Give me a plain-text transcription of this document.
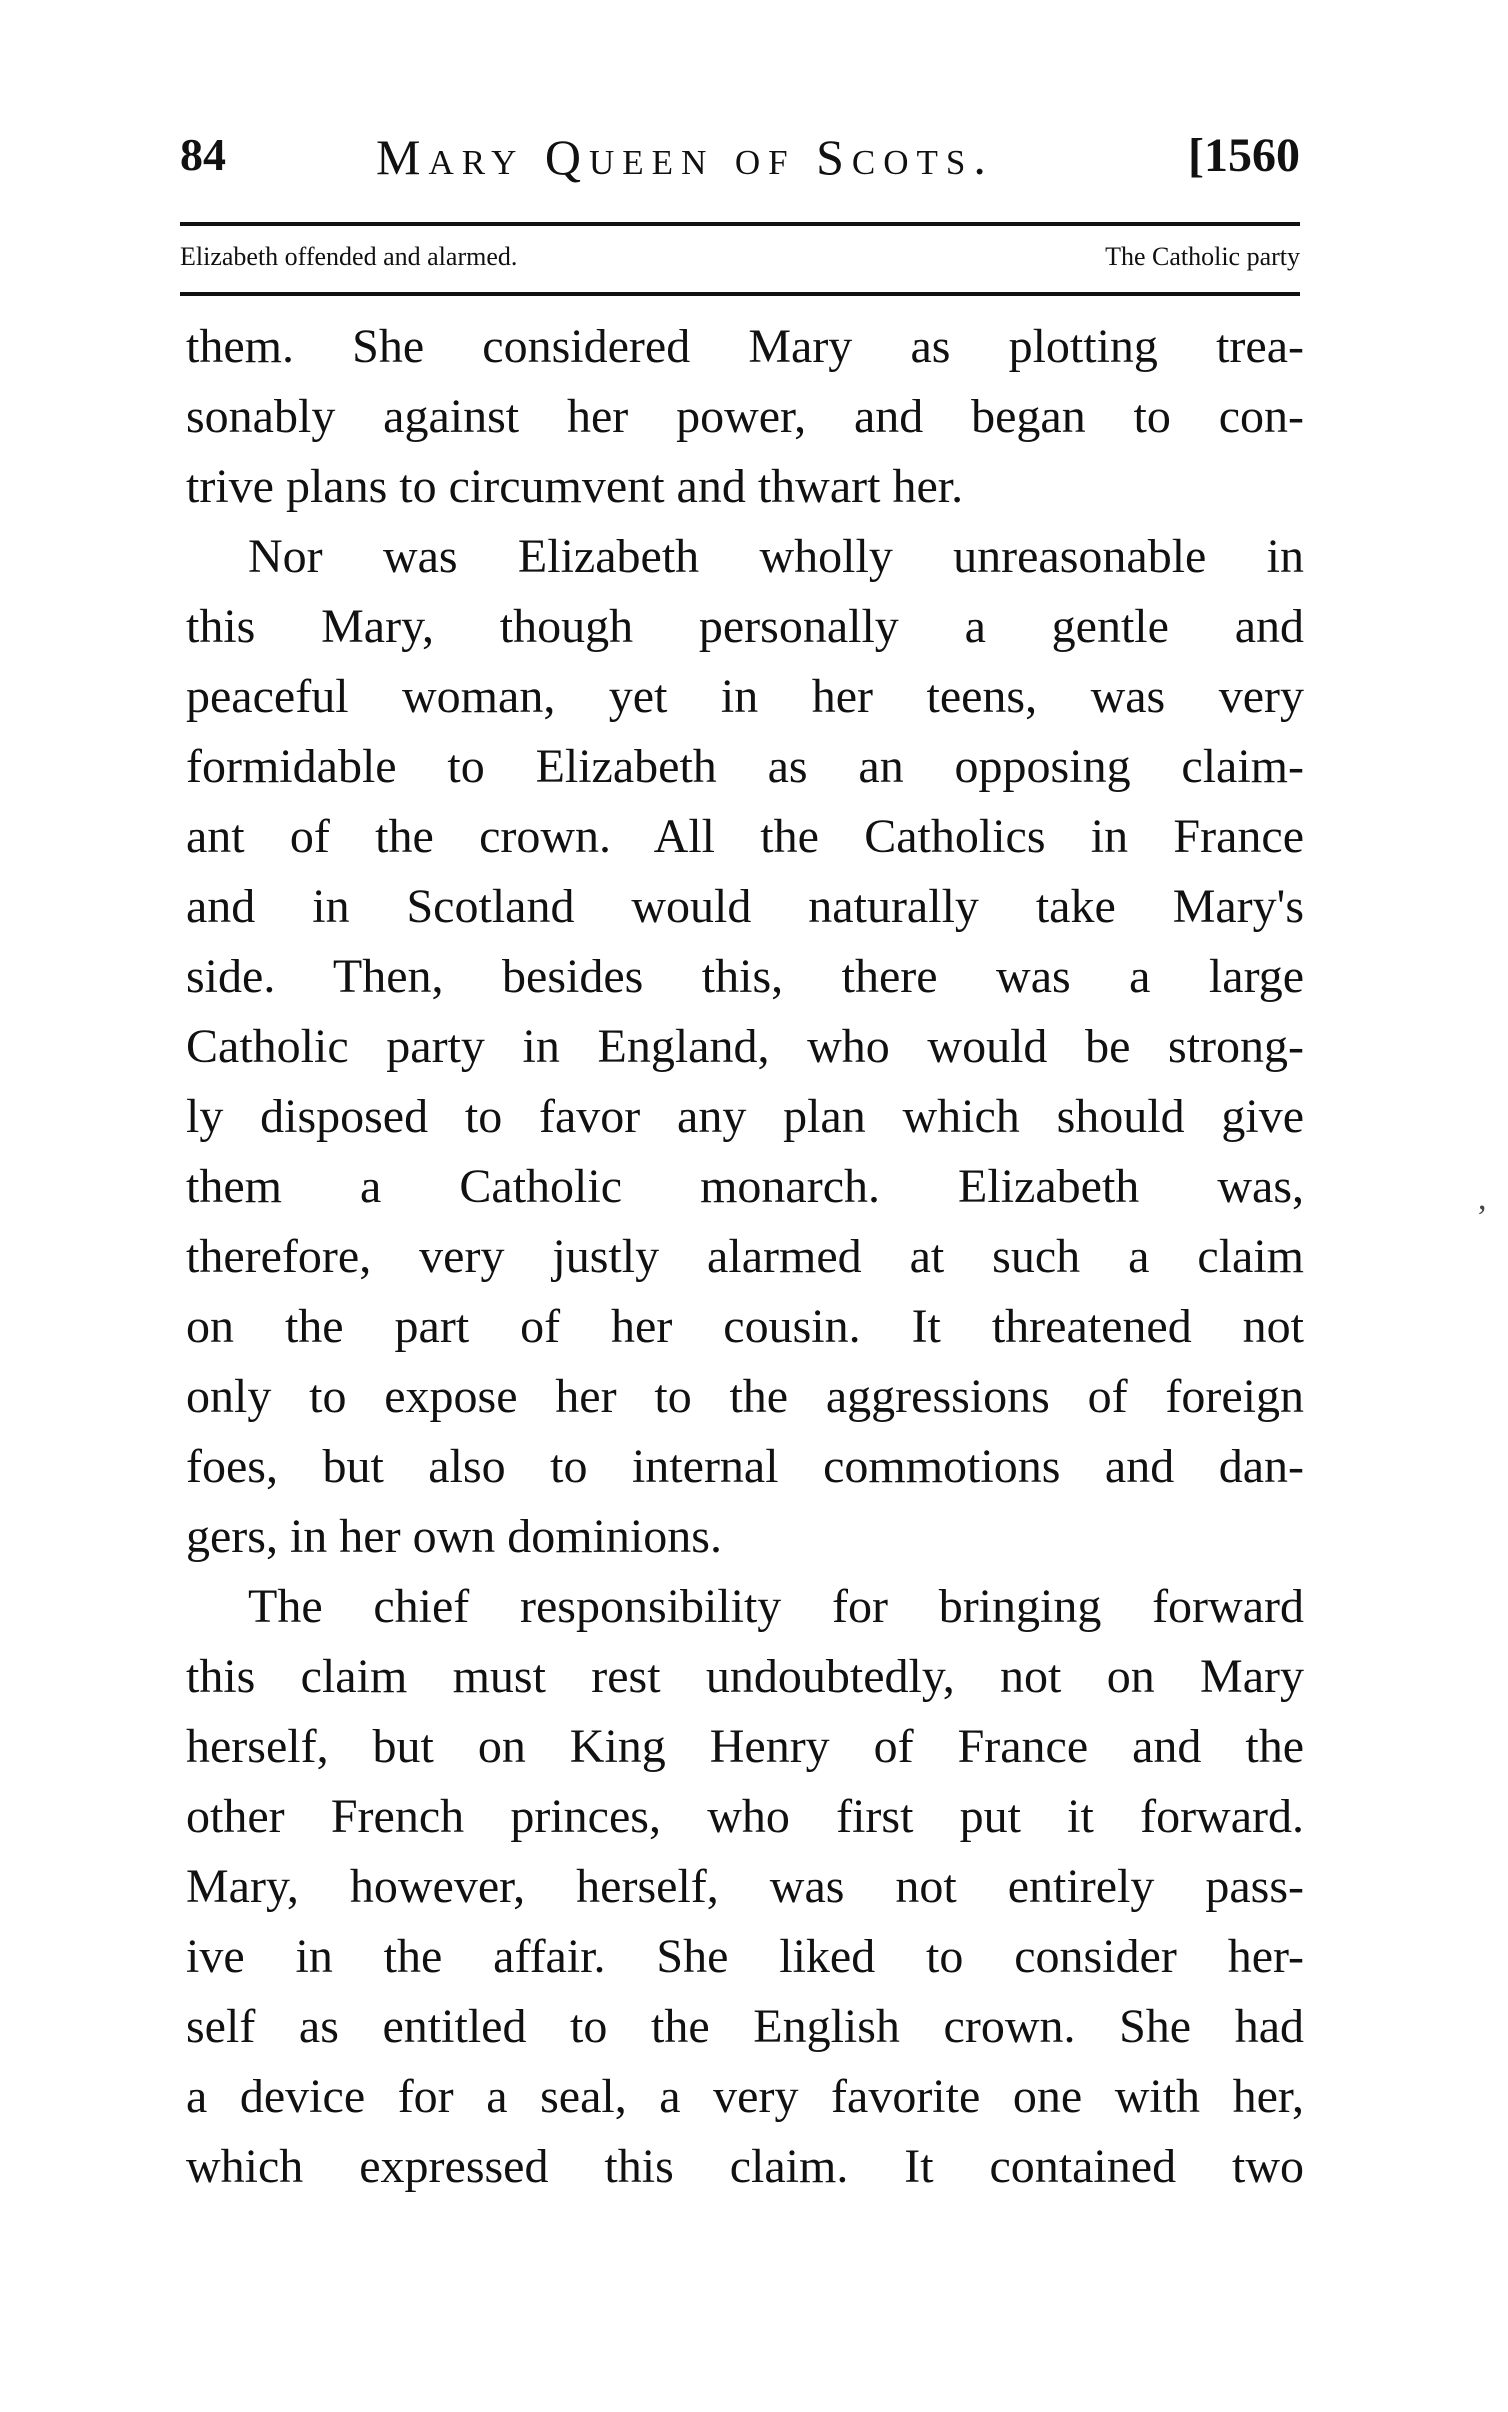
84	Mary Queen of Scots.	[1560
Elizabeth offended and alarmed.	The Catholic party
them. She considered Mary as plotting trea-
sonably against her power, and began to con-
trive plans to circumvent and thwart her.
Nor was Elizabeth wholly unreasonable in
this Mary, though personally a gentle and
peaceful woman, yet in her teens, was very
formidable to Elizabeth as an opposing claim-
ant of the crown. All the Catholics in France
and in Scotland would naturally take Mary's
side. Then, besides this, there was a large
Catholic party in England, who would be strong-
ly disposed to favor any plan which should give
them a Catholic monarch. Elizabeth was,
therefore, very justly alarmed at such a claim
on the part of her cousin. It threatened not
only to expose her to the aggressions of foreign
foes, but also to internal commotions and dan-
gers, in her own dominions.
The chief responsibility for bringing forward
this claim must rest undoubtedly, not on Mary
herself, but on King Henry of France and the
other French princes, who first put it forward.
Mary, however, herself, was not entirely pass-
ive in the affair. She liked to consider her-
self as entitled to the English crown. She had
a device for a seal, a very favorite one with her,
which expressed this claim. It contained two
,
